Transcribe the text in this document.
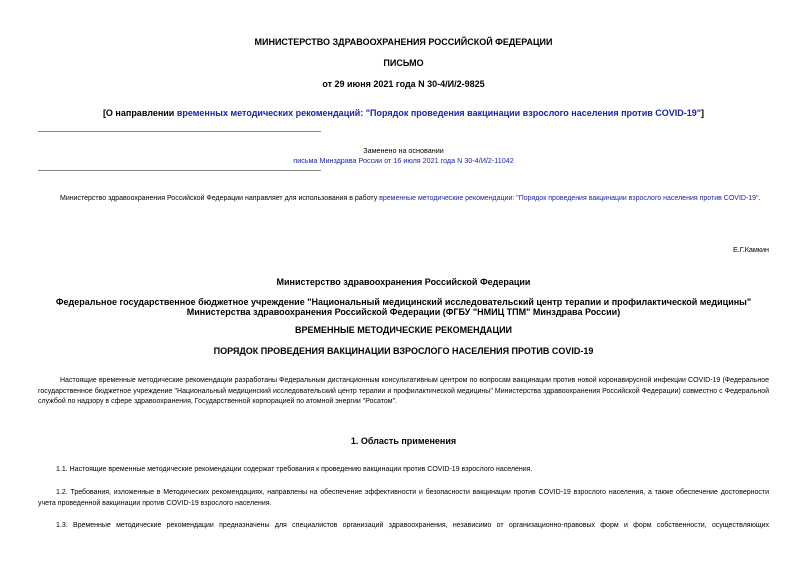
МИНИСТЕРСТВО ЗДРАВООХРАНЕНИЯ РОССИЙСКОЙ ФЕДЕРАЦИИ
ПИСЬМО
от 29 июня 2021 года N 30-4/И/2-9825
[О направлении временных методических рекомендаций: "Порядок проведения вакцинации взрослого населения против COVID-19"]
Заменено на основании
письма Минздрава России от 16 июля 2021 года N 30-4/И/2-11042
Министерство здравоохранения Российской Федерации направляет для использования в работу временные методические рекомендации: "Порядок проведения вакцинации взрослого населения против COVID-19".
Е.Г.Камкин
Министерство здравоохранения Российской Федерации
Федеральное государственное бюджетное учреждение "Национальный медицинский исследовательский центр терапии и профилактической медицины"
Министерства здравоохранения Российской Федерации (ФГБУ "НМИЦ ТПМ" Минздрава России)
ВРЕМЕННЫЕ МЕТОДИЧЕСКИЕ РЕКОМЕНДАЦИИ
ПОРЯДОК ПРОВЕДЕНИЯ ВАКЦИНАЦИИ ВЗРОСЛОГО НАСЕЛЕНИЯ ПРОТИВ COVID-19
Настоящие временные методические рекомендации разработаны Федеральным дистанционным консультативным центром по вопросам вакцинации против новой коронавирусной инфекции COVID-19 (Федеральное государственное бюджетное учреждение "Национальный медицинский исследовательский центр терапии и профилактической медицины" Министерства здравоохранения Российской Федерации) совместно с Федеральной службой по надзору в сфере здравоохранения, Государственной корпорацией по атомной энергии "Росатом".
1. Область применения
1.1. Настоящие временные методические рекомендации содержат требования к проведению вакцинации против COVID-19 взрослого населения.
1.2. Требования, изложенные в Методических рекомендациях, направлены на обеспечение эффективности и безопасности вакцинации против COVID-19 взрослого населения, а также обеспечение достоверности учета проведенной вакцинации против COVID-19 взрослого населения.
1.3. Временные методические рекомендации предназначены для специалистов организаций здравоохранения, независимо от организационно-правовых форм и форм собственности, осуществляющих
